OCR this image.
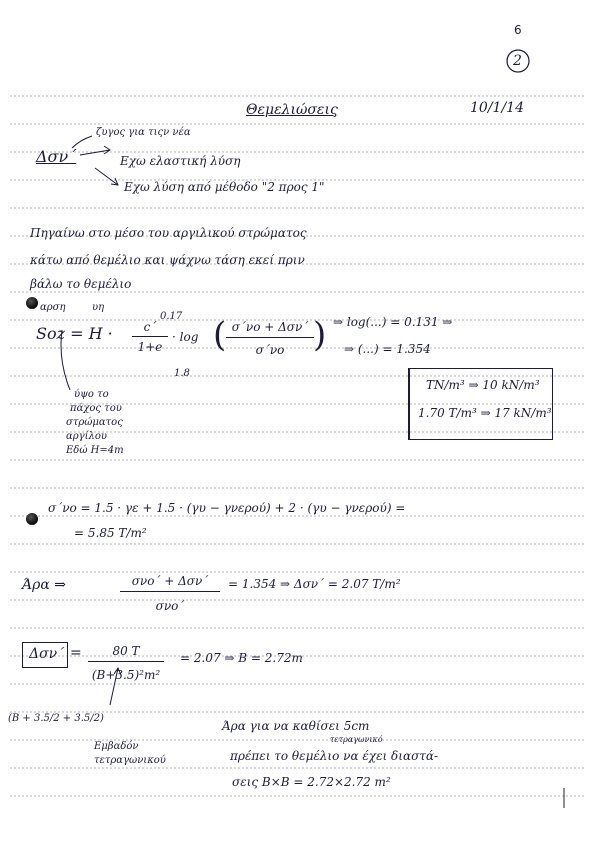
6
2
Θεμελιώσεις	10/1/14
ζυγος για τιςν νέα
Δσν΄	Εχω ελαστική λύση
Εχω λύση από μέθοδο "2 προς 1"
Πηγαίνω στο μέσο του αργιλικού στρώματος
κάτω από θεμέλιο και ψάχνω τάση εκεί πριν
βάλω το θεμέλιο
αρση	υη
Sοz = Η ·
0.17
c΄
1+e
1.8
· log ( σ΄νο + Δσν΄
σ΄νο ) ⇒ log(...) = 0.131 ⇒
⇒ (...) = 1.354
ύψο το
πάχος του
στρώματος
αργίλου
Εδώ Η=4m
TN/m³ ⇒ 10 kN/m³
1.70 T/m³ ⇒ 17 kN/m³
σ΄νο = 1.5 · γε + 1.5 · (γυ − γνερού) + 2 · (γυ − γνερού) =
= 5.85 T/m²
Άρα ⇒	σνο΄ + Δσν΄
σνο΄
= 1.354 ⇒ Δσν΄ = 2.07 T/m²
Δσν΄ =	80 T
(B+3.5)²m²
= 2.07 ⇒ B = 2.72m
(B + 3.5/2 + 3.5/2)
Εμβαδόν
τετραγωνικού
Άρα για να καθίσει 5cm
τετραγωνικό
πρέπει το θεμέλιο να έχει διαστά-
σεις B×B = 2.72×2.72 m²
